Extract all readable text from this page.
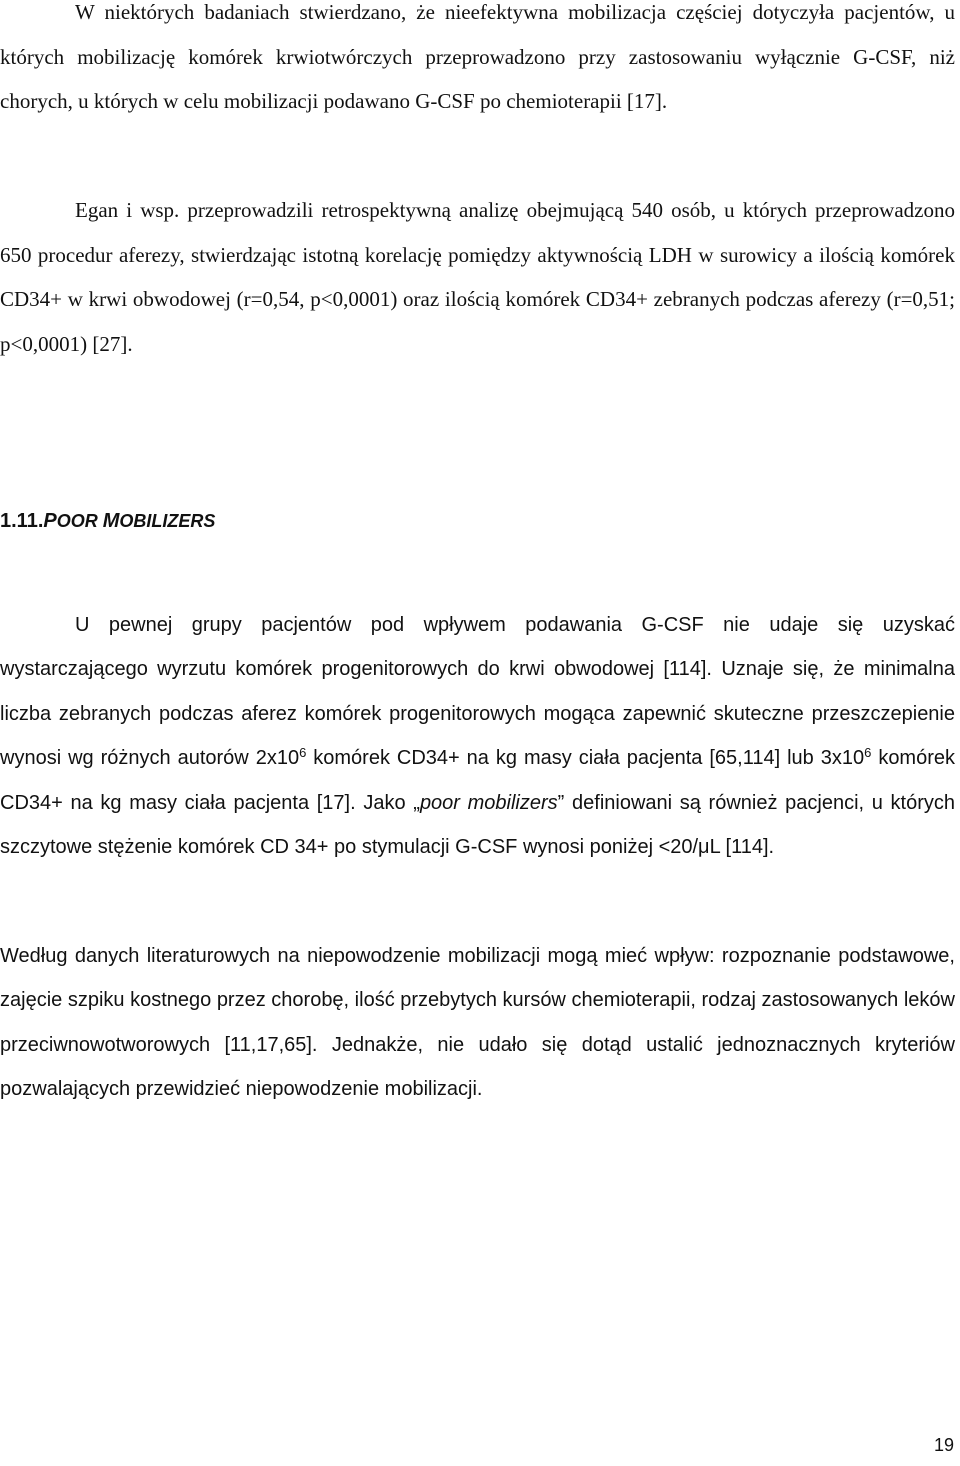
W niektórych badaniach stwierdzano, że nieefektywna mobilizacja częściej dotyczyła pacjentów, u których mobilizację komórek krwiotwórczych przeprowadzono przy zastosowaniu wyłącznie G-CSF, niż chorych, u których w celu mobilizacji podawano G-CSF po chemioterapii [17].

Egan i wsp. przeprowadzili retrospektywną analizę obejmującą 540 osób, u których przeprowadzono 650 procedur aferezy, stwierdzając istotną korelację pomiędzy aktywnością LDH w surowicy a ilością komórek CD34+ w krwi obwodowej (r=0,54, p<0,0001) oraz ilością komórek CD34+ zebranych podczas aferezy (r=0,51; p<0,0001) [27].

1.11.POOR MOBILIZERS

U pewnej grupy pacjentów pod wpływem podawania G-CSF nie udaje się uzyskać wystarczającego wyrzutu komórek progenitorowych do krwi obwodowej [114]. Uznaje się, że minimalna liczba zebranych podczas aferez komórek progenitorowych mogąca zapewnić skuteczne przeszczepienie wynosi wg różnych autorów $2x10^6$ komórek CD34+ na kg masy ciała pacjenta [65,114] lub $3x10^6$ komórek CD34+ na kg masy ciała pacjenta [17]. Jako „poor mobilizers” definiowani są również pacjenci, u których szczytowe stężenie komórek CD 34+ po stymulacji G-CSF wynosi poniżej <20/μL [114].

Według danych literaturowych na niepowodzenie mobilizacji mogą mieć wpływ: rozpoznanie podstawowe, zajęcie szpiku kostnego przez chorobę, ilość przebytych kursów chemioterapii, rodzaj zastosowanych leków przeciwnowotworowych [11,17,65]. Jednakże, nie udało się dotąd ustalić jednoznacznych kryteriów pozwalających przewidzieć niepowodzenie mobilizacji.

19
